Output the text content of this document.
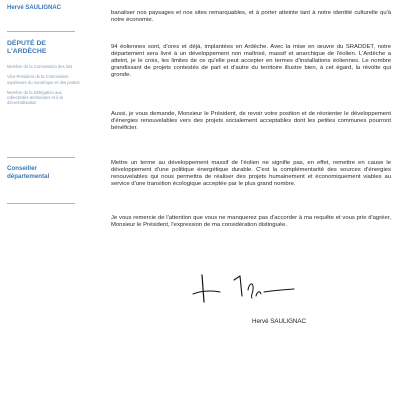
Hervé SAULIGNAC
DÉPUTÉ DE L'ARDÈCHE
Membre de la Commission des lois
Vice-Président de la Commission supérieure du numérique et des postes
Membre de la Délégation aux collectivités territoriales et à la décentralisation
Conseiller départemental

banaliser nos paysages et nos sites remarquables, et à porter atteinte tant à notre identité culturelle qu'à notre économie.

94 éoliennes sont, d'ores et déjà, implantées en Ardèche. Avec la mise en œuvre du SRADDET, notre département sera livré à un développement non maîtrisé, massif et anarchique de l'éolien. L'Ardèche a atteint, je le crois, les limites de ce qu'elle peut accepter en termes d'installations éoliennes. Le nombre grandissant de projets contestés de part et d'autre du territoire illustre bien, à cet égard, la révolte qui gronde.

Aussi, je vous demande, Monsieur le Président, de revoir votre position et de réorienter le développement d'énergies renouvelables vers des projets socialement acceptables dont les petites communes pourront bénéficier.

Mettre un terme au développement massif de l'éolien ne signifie pas, en effet, remettre en cause le développement d'une politique énergétique durable. C'est la complémentarité des sources d'énergies renouvelables qui nous permettra de réaliser des projets humainement et économiquement viables au service d'une transition écologique acceptée par le plus grand nombre.

Je vous remercie de l'attention que vous ne manquerez pas d'accorder à ma requête et vous prie d'agréer, Monsieur le Président, l'expression de ma considération distinguée.

Hervé SAULIGNAC
